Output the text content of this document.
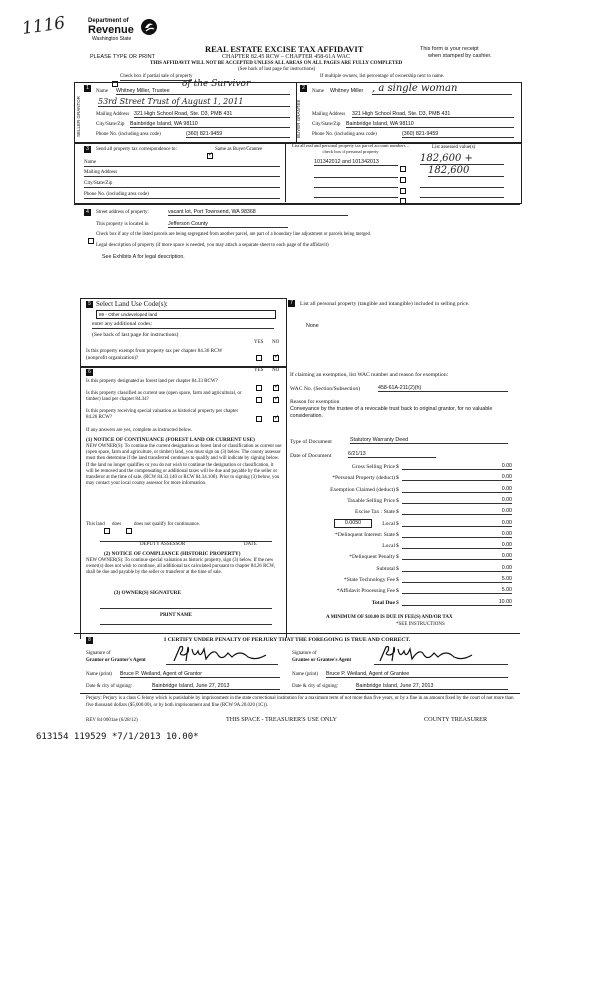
1116	Department of
Revenue
Washington State
PLEASE TYPE OR PRINT
REAL ESTATE EXCISE TAX AFFIDAVIT
CHAPTER 82.45 RCW – CHAPTER 458-61A WAC
THIS AFFIDAVIT WILL NOT BE ACCEPTED UNLESS ALL AREAS ON ALL PAGES ARE FULLY COMPLETED
(See back of last page for instructions)
This form is your receipt
when stamped by cashier.
Check box if partial sale of property	If multiple owners, list percentage of ownership next to name.
1
SELLER GRANTOR
Name Whitney Miller, Trustee
of the Survivor
53rd Street Trust of August 1, 2011
Mailing Address 321 High School Road, Ste. D3, PMB 431
City/State/Zip Bainbridge Island, WA 98110
Phone No. (including area code)	(360) 821-9459
2
BUYER GRANTEE
Name Whitney Miller , a single woman
Mailing Address 321 High School Road, Ste. D3, PMB 431
City/State/Zip Bainbridge Island, WA 98110
Phone No. (including area code)	(360) 821-9459
3	Send all property tax correspondence to:
✓
Same as Buyer/Grantee
Name
Mailing Address
City/State/Zip
Phone No. (including area code)
List all real and personal property tax parcel account numbers – check box if personal property
List assessed value(s)
101342012 and 101342013	182,600 +
182,600
4	Street address of property:	vacant lot, Port Townsend, WA 98368
This property is located in	Jefferson County
Check box if any of the listed parcels are being segregated from another parcel, are part of a boundary line adjustment or parcels being merged.
Legal description of property (if more space is needed, you may attach a separate sheet to each page of the affidavit)
See Exhibits A for legal description.
5 Select Land Use Code(s):
89 - Other undeveloped land
enter any additional codes:
(See back of last page for instructions)
YES NO
Is this property exempt from property tax per chapter 84.36 RCW (nonprofit organization)?	✓
6	YES NO
Is this property designated as forest land per chapter 84.33 RCW?
✓
Is this property classified as current use (open space, farm and agricultural, or timber) land per chapter 84.34?	✓
Is this property receiving special valuation as historical property per chapter 84.26 RCW?	✓
If any answers are yes, complete as instructed below.
(1) NOTICE OF CONTINUANCE (FOREST LAND OR CURRENT USE)
NEW OWNER(S): To continue the current designation as forest land or classification as current use (open space, farm and agriculture, or timber) land, you must sign on (3) below. The county assessor must then determine if the land transferred continues to qualify and will indicate by signing below. If the land no longer qualifies or you do not wish to continue the designation or classification, it will be removed and the compensating or additional taxes will be due and payable by the seller or transferor at the time of sale. (RCW 84.33.140 or RCW 84.34.108). Prior to signing (3) below, you may contact your local county assessor for more information.
This land does	does not qualify for continuance.
DEPUTY ASSESSOR	DATE
(2) NOTICE OF COMPLIANCE (HISTORIC PROPERTY)
NEW OWNER(S): To continue special valuation as historic property, sign (3) below. If the new owner(s) does not wish to continue, all additional tax calculated pursuant to chapter 84.26 RCW, shall be due and payable by the seller or transferor at the time of sale.
(3) OWNER(S) SIGNATURE
PRINT NAME
7	List all personal property (tangible and intangible) included in selling price.
None
If claiming an exemption, list WAC number and reason for exemption:
WAC No. (Section/Subsection)	458-61A-211(2)(h)
Reason for exemption
Conveyance by the trustee of a revocable trust back to original grantor, for no valuable consideration.
Type of Document	Statutory Warranty Deed
Date of Document	6/21/13
Gross Selling Price $	0.00
*Personal Property (deduct) $	0.00
Exemption Claimed (deduct) $	0.00
Taxable Selling Price $	0.00
Excise Tax : State $	0.00
Local $	0.00
*Delinquent Interest: State $	0.00
Local $	0.00
*Delinquent Penalty $	0.00
Subtotal $	0.00
*State Technology Fee $	5.00
*Affidavit Processing Fee $	5.00
Total Due $	10.00
0.0050
A MINIMUM OF $10.00 IS DUE IN FEE(S) AND/OR TAX
*SEE INSTRUCTIONS
8	I CERTIFY UNDER PENALTY OF PERJURY THAT THE FOREGOING IS TRUE AND CORRECT.
Signature of
Grantor or Grantor's Agent
Signature of
Grantee or Grantee's Agent
Name (print) Bruce P. Weiland, Agent of Grantor	Name (print) Bruce P. Weiland, Agent of Grantee
Date & city of signing:	Bainbridge Island, June 27, 2013	Date & city of signing:	Bainbridge Island, June 27, 2013
Perjury: Perjury is a class C felony which is punishable by imprisonment in the state correctional institution for a maximum term of not more than five years, or by a fine in an amount fixed by the court of not more than five thousand dollars ($5,000.00), or by both imprisonment and fine (RCW 9A.20.020 (1C)).
REV 84 0001ae (6/28/12)	THIS SPACE - TREASURER'S USE ONLY	COUNTY TREASURER
613154 119529 *7/1/2013 10.00*
